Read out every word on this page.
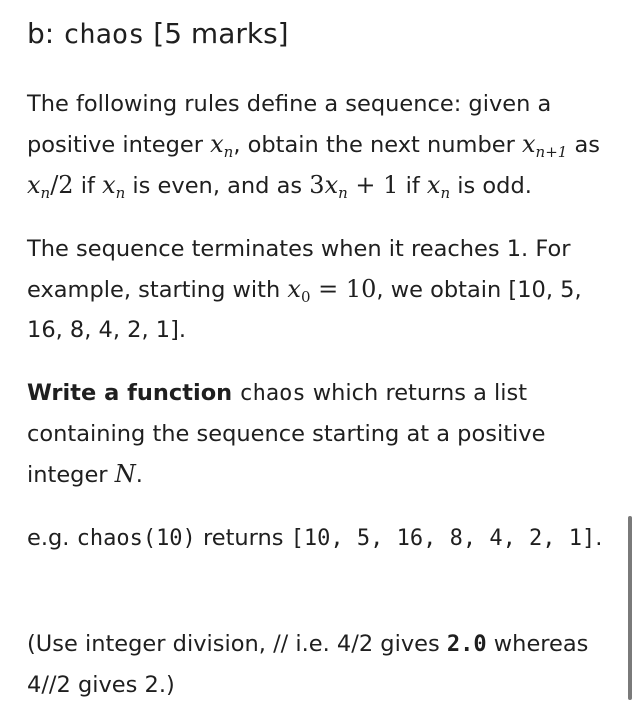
b: chaos [5 marks]

The following rules define a sequence: given a positive integer $x_n$, obtain the next number $x_{n+1}$ as $x_n/2$ if $x_n$ is even, and as $3x_n + 1$ if $x_n$ is odd.

The sequence terminates when it reaches 1. For example, starting with $x_0 = 10$, we obtain [10, 5, 16, 8, 4, 2, 1].

Write a function chaos which returns a list containing the sequence starting at a positive integer N.

e.g. chaos(10) returns [10, 5, 16, 8, 4, 2, 1].

(Use integer division, // i.e. 4/2 gives 2.0 whereas 4//2 gives 2.)
